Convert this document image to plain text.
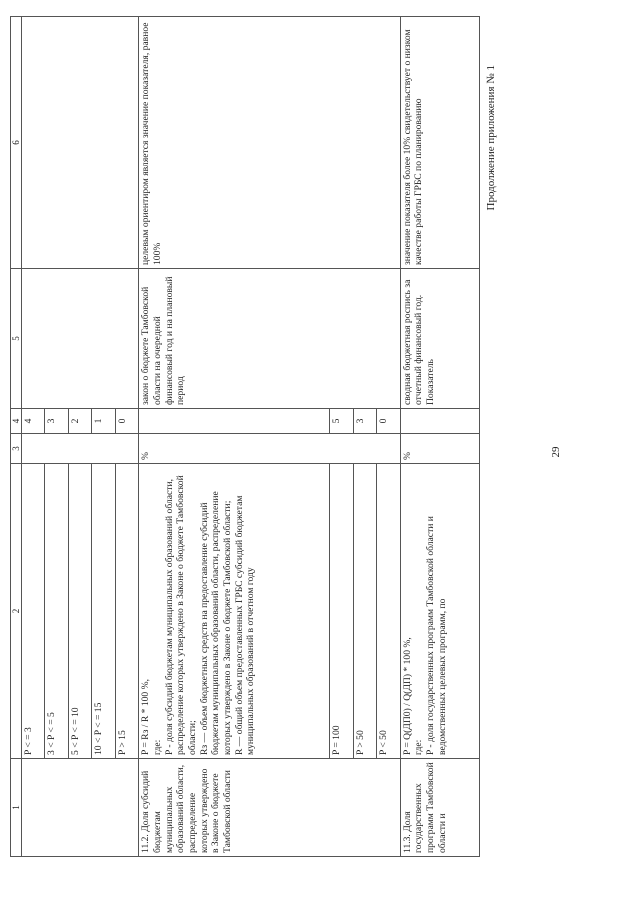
29
Продолжение приложения № 1
1	2	3	4	5	6
	P < = 3		4		
	3 < P < = 5		3		
	5 < P < = 10		2		
	10 < P < = 15		1		
	P > 15		0		
11.2. Доля субсидий бюджетам муниципальных образований области, распределение которых утверждено в Законе о бюджете Тамбовской области	P = Rз / R * 100 %, где:
P - доля субсидий бюджетам муниципальных образований области, распределение которых утверждено в Законе о бюджете Тамбовской области;
Rз — объем бюджетных средств на предоставление субсидий бюджетам муниципальных образований области, распределение которых утверждено в Законе о бюджете Тамбовской области;
R — общий объем предоставленных ГРБС субсидий бюджетам муниципальных образований в отчетном году	%		закон о бюджете Тамбовской области на очередной финансовый год и на плановый период	целевым ориентиром является значение показателя, равное 100%
	P = 100		5		
	P > 50		3		
	P < 50		0		
11.3. Доля государственных программ Тамбовской области и	P = Q(ДП0) / Q(ДП) * 100 %, где:
P - доля государственных программ Тамбовской области и ведомственных целевых программ, по	%		сводная бюджетная роспись за отчетный финансовый год. Показатель	значение показателя более 10% свидетельствует о низком качестве работы ГРБС по планированию
